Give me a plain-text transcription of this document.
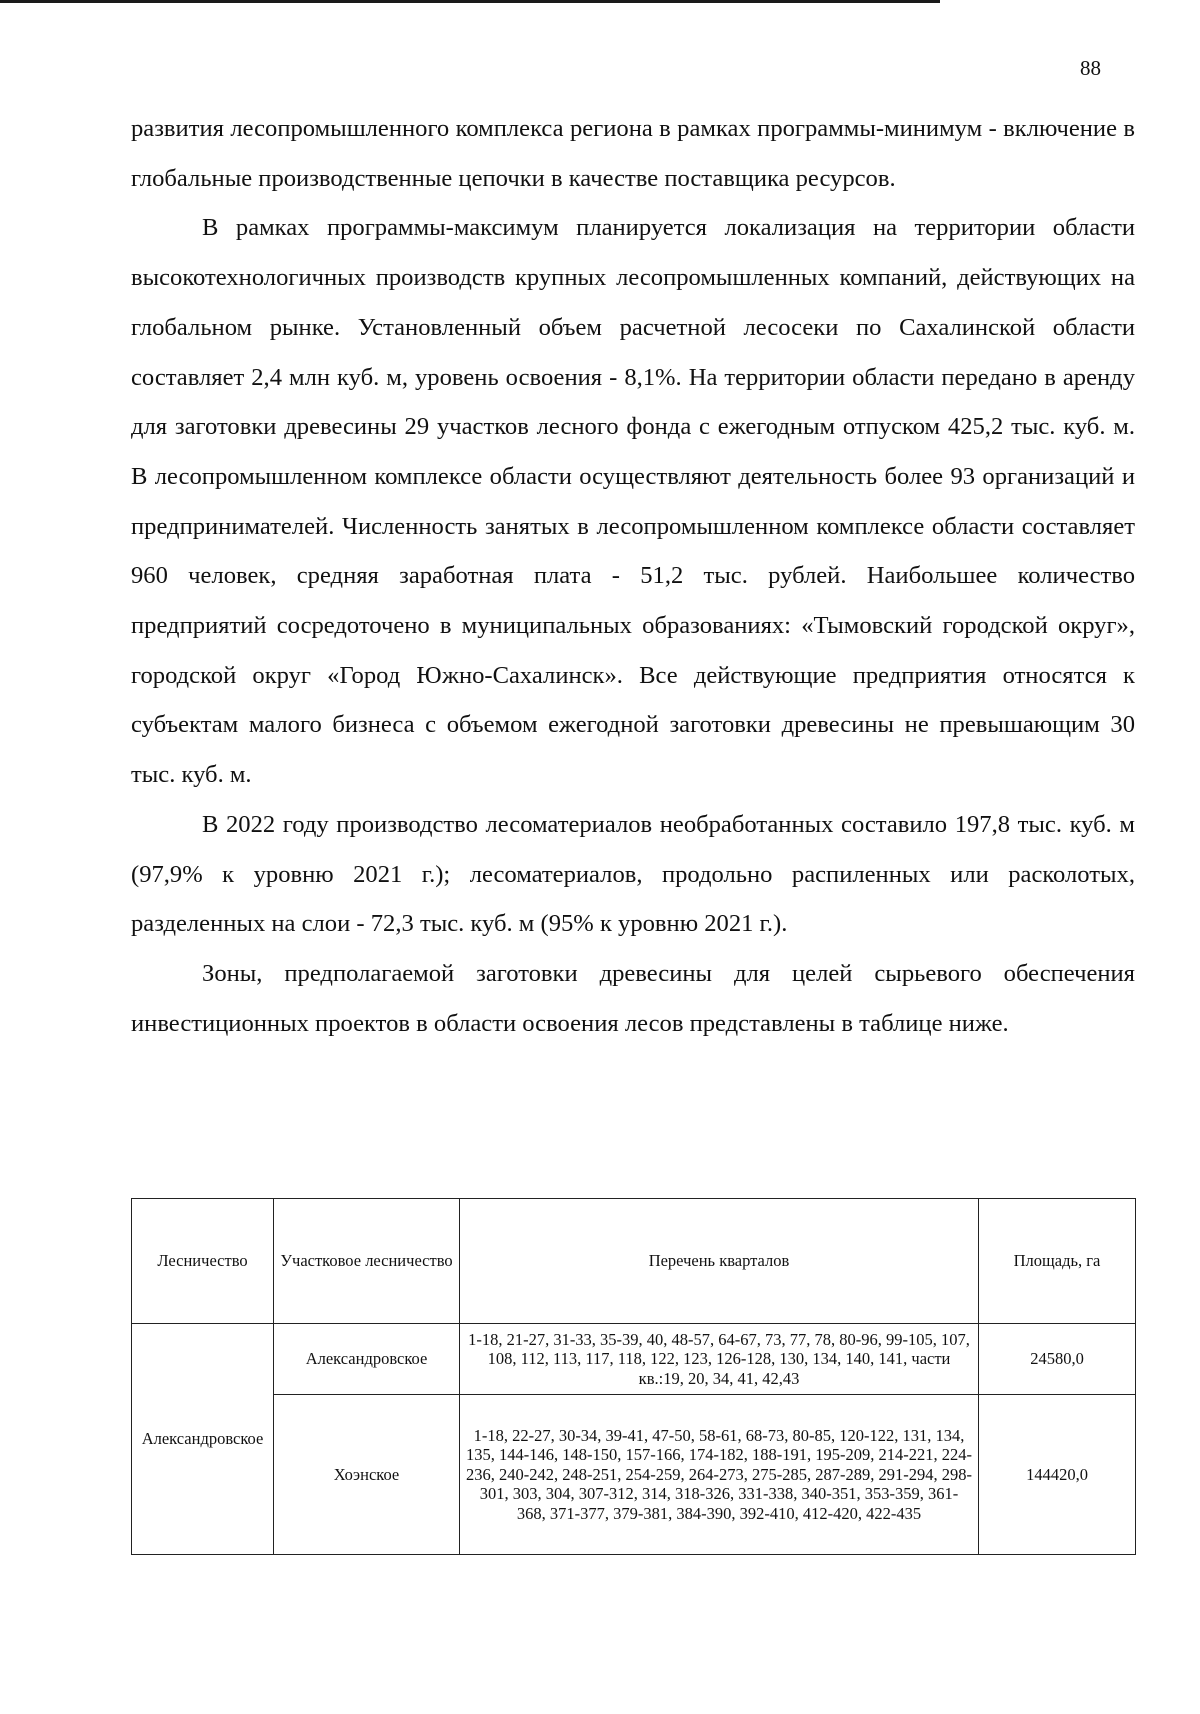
88

развития лесопромышленного комплекса региона в рамках программы-минимум - включение в глобальные производственные цепочки в качестве поставщика ресурсов.

В рамках программы-максимум планируется локализация на территории области высокотехнологичных производств крупных лесопромышленных компаний, действующих на глобальном рынке. Установленный объем расчетной лесосеки по Сахалинской области составляет 2,4 млн куб. м, уровень освоения - 8,1%. На территории области передано в аренду для заготовки древесины 29 участков лесного фонда с ежегодным отпуском 425,2 тыс. куб. м. В лесопромышленном комплексе области осуществляют деятельность более 93 организаций и предпринимателей. Численность занятых в лесопромышленном комплексе области составляет 960 человек, средняя заработная плата - 51,2 тыс. рублей. Наибольшее количество предприятий сосредоточено в муниципальных образованиях: «Тымовский городской округ», городской округ «Город Южно-Сахалинск». Все действующие предприятия относятся к субъектам малого бизнеса с объемом ежегодной заготовки древесины не превышающим 30 тыс. куб. м.

В 2022 году производство лесоматериалов необработанных составило 197,8 тыс. куб. м (97,9% к уровню 2021 г.); лесоматериалов, продольно распиленных или расколотых, разделенных на слои - 72,3 тыс. куб. м (95% к уровню 2021 г.).

Зоны, предполагаемой заготовки древесины для целей сырьевого обеспечения инвестиционных проектов в области освоения лесов представлены в таблице ниже.

Лесничество	Участковое лесничество	Перечень кварталов	Площадь, га
Александровское	Александровское	1-18, 21-27, 31-33, 35-39, 40, 48-57, 64-67, 73, 77, 78, 80-96, 99-105, 107, 108, 112, 113, 117, 118, 122, 123, 126-128, 130, 134, 140, 141, части кв.:19, 20, 34, 41, 42,43	24580,0
	Хоэнское	1-18, 22-27, 30-34, 39-41, 47-50, 58-61, 68-73, 80-85, 120-122, 131, 134, 135, 144-146, 148-150, 157-166, 174-182, 188-191, 195-209, 214-221, 224-236, 240-242, 248-251, 254-259, 264-273, 275-285, 287-289, 291-294, 298-301, 303, 304, 307-312, 314, 318-326, 331-338, 340-351, 353-359, 361-368, 371-377, 379-381, 384-390, 392-410, 412-420, 422-435	144420,0
